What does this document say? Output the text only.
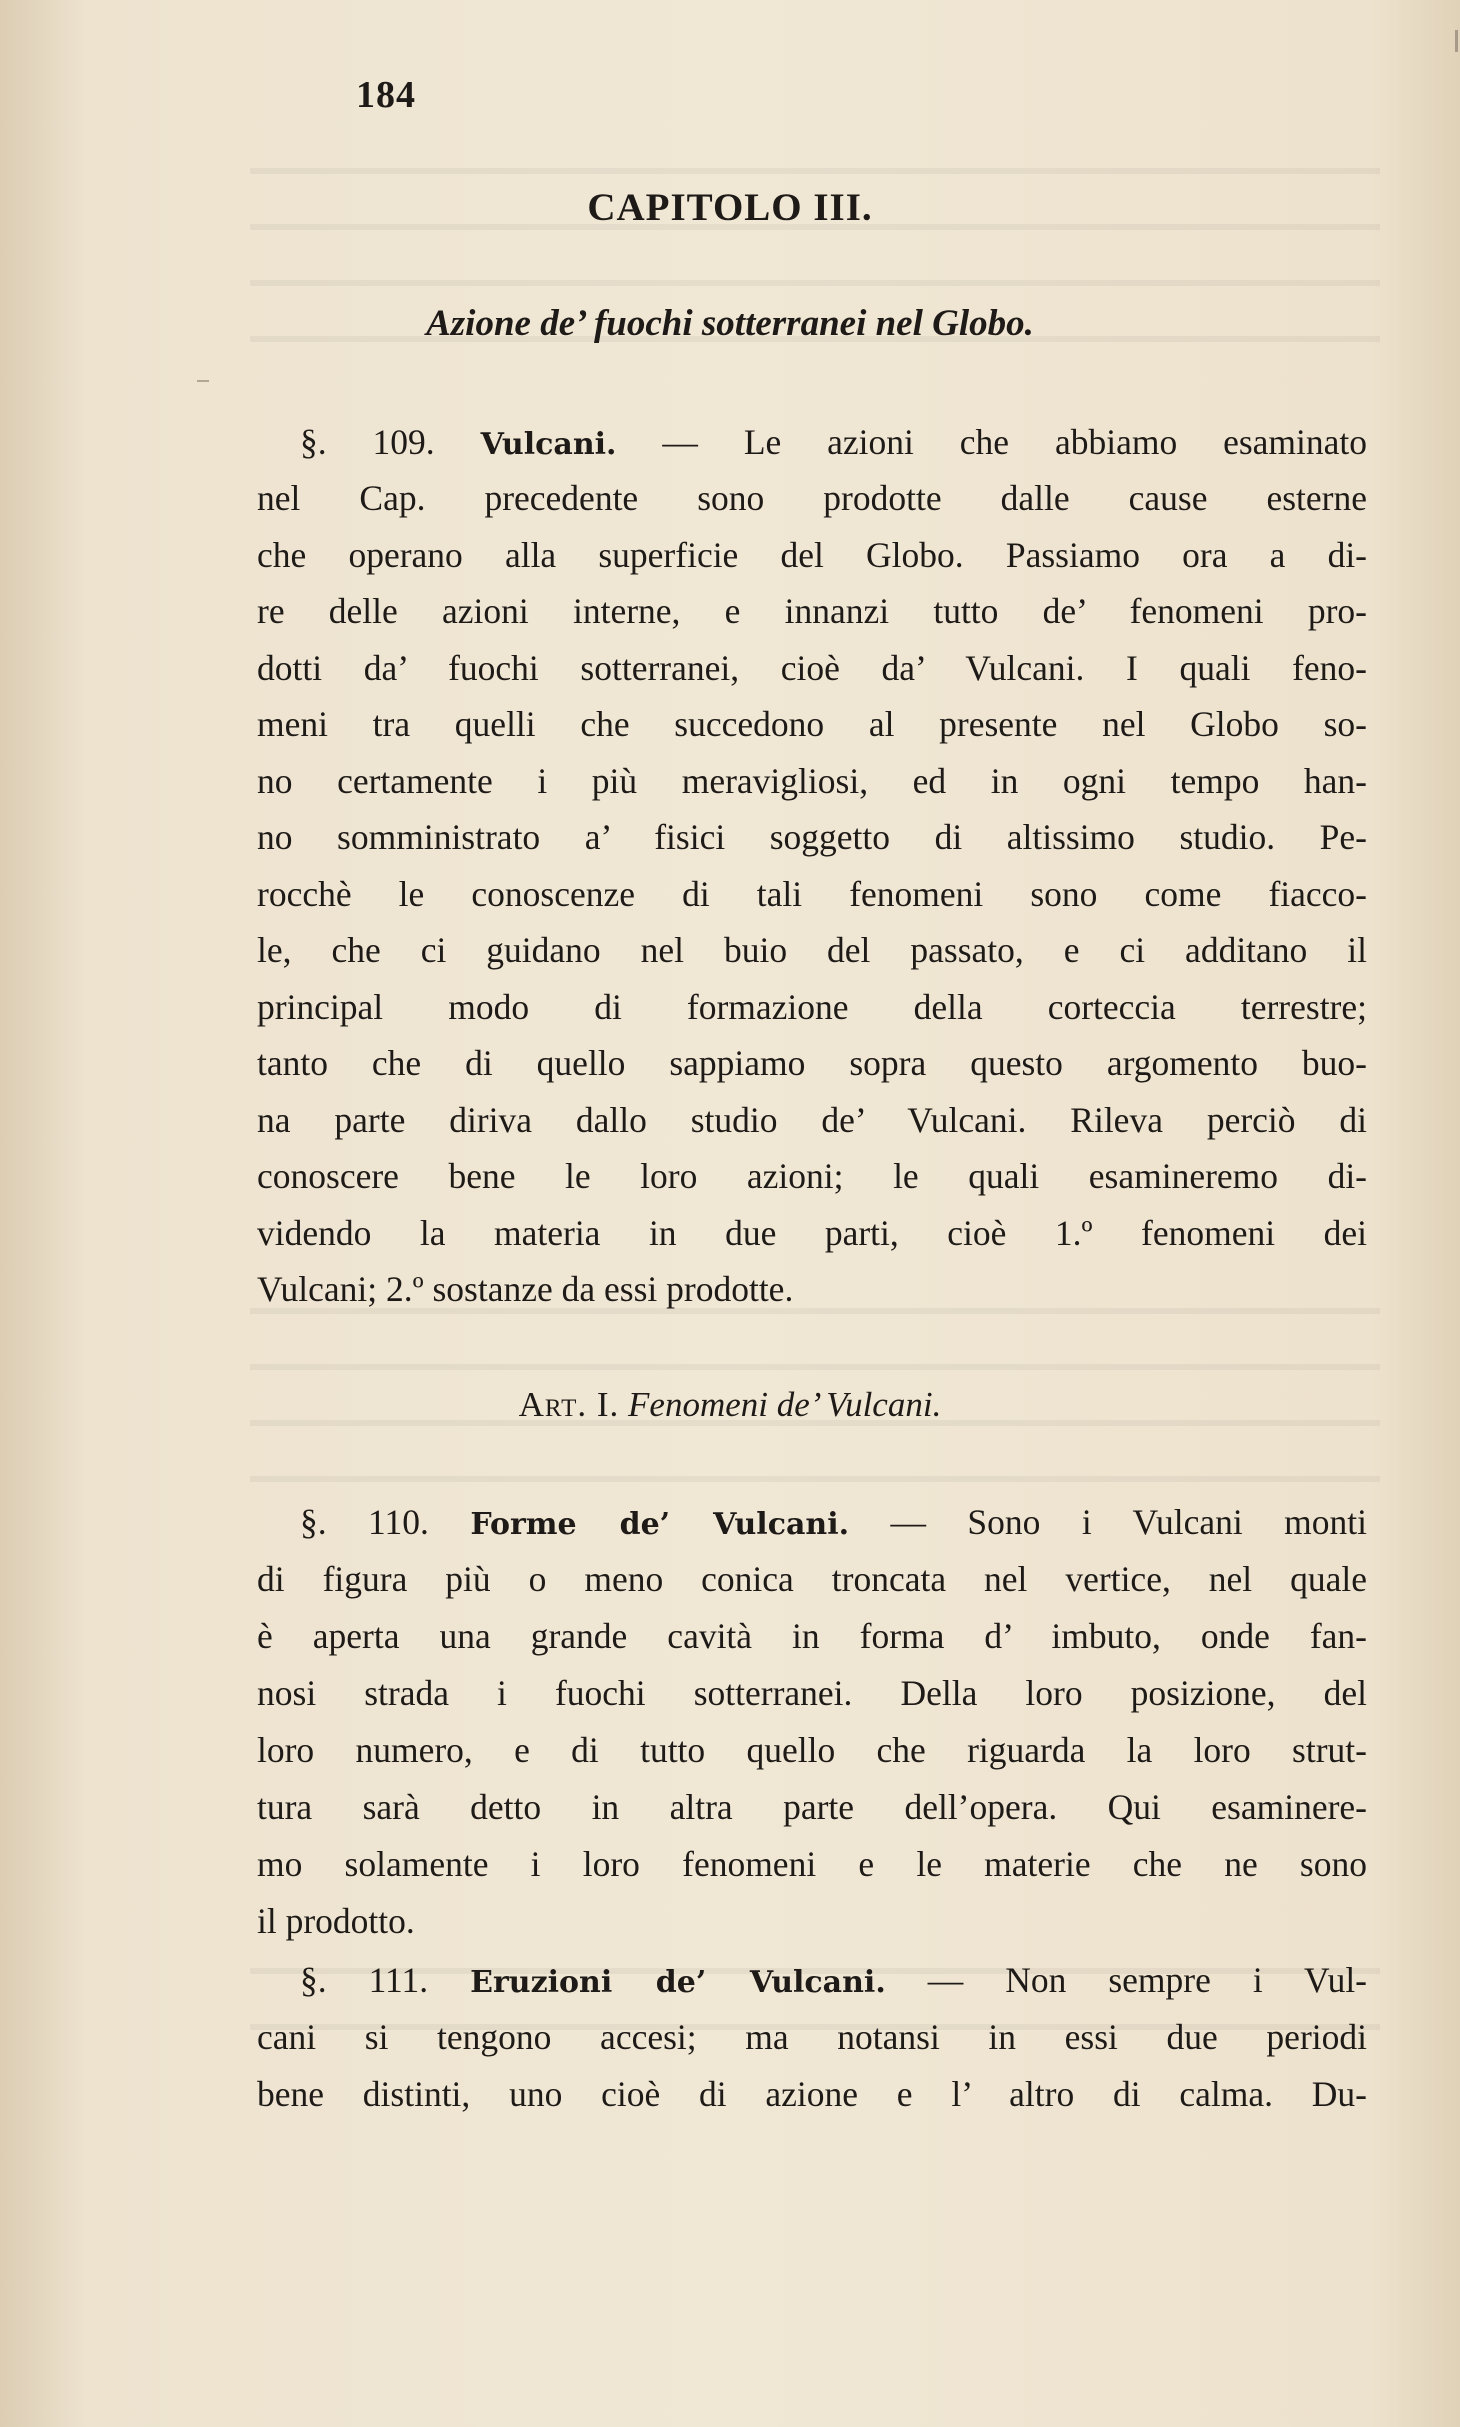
184
CAPITOLO III.
Azione de’ fuochi sotterranei nel Globo.
§. 109. Vulcani. — Le azioni che abbiamo esaminato
nel Cap. precedente sono prodotte dalle cause esterne
che operano alla superficie del Globo. Passiamo ora a di-
re delle azioni interne, e innanzi tutto de’ fenomeni pro-
dotti da’ fuochi sotterranei, cioè da’ Vulcani. I quali feno-
meni tra quelli che succedono al presente nel Globo so-
no certamente i più meravigliosi, ed in ogni tempo han-
no somministrato a’ fisici soggetto di altissimo studio. Pe-
rocchè le conoscenze di tali fenomeni sono come fiacco-
le, che ci guidano nel buio del passato, e ci additano il
principal modo di formazione della corteccia terrestre;
tanto che di quello sappiamo sopra questo argomento buo-
na parte diriva dallo studio de’ Vulcani. Rileva perciò di
conoscere bene le loro azioni; le quali esamineremo di-
videndo la materia in due parti, cioè 1.º fenomeni dei
Vulcani; 2.º sostanze da essi prodotte.
Art. I. Fenomeni de’ Vulcani.
§. 110. Forme de’ Vulcani. — Sono i Vulcani monti
di figura più o meno conica troncata nel vertice, nel quale
è aperta una grande cavità in forma d’ imbuto, onde fan-
nosi strada i fuochi sotterranei. Della loro posizione, del
loro numero, e di tutto quello che riguarda la loro strut-
tura sarà detto in altra parte dell’opera. Qui esaminere-
mo solamente i loro fenomeni e le materie che ne sono
il prodotto.
§. 111. Eruzioni de’ Vulcani. — Non sempre i Vul-
cani si tengono accesi; ma notansi in essi due periodi
bene distinti, uno cioè di azione e l’ altro di calma. Du-
